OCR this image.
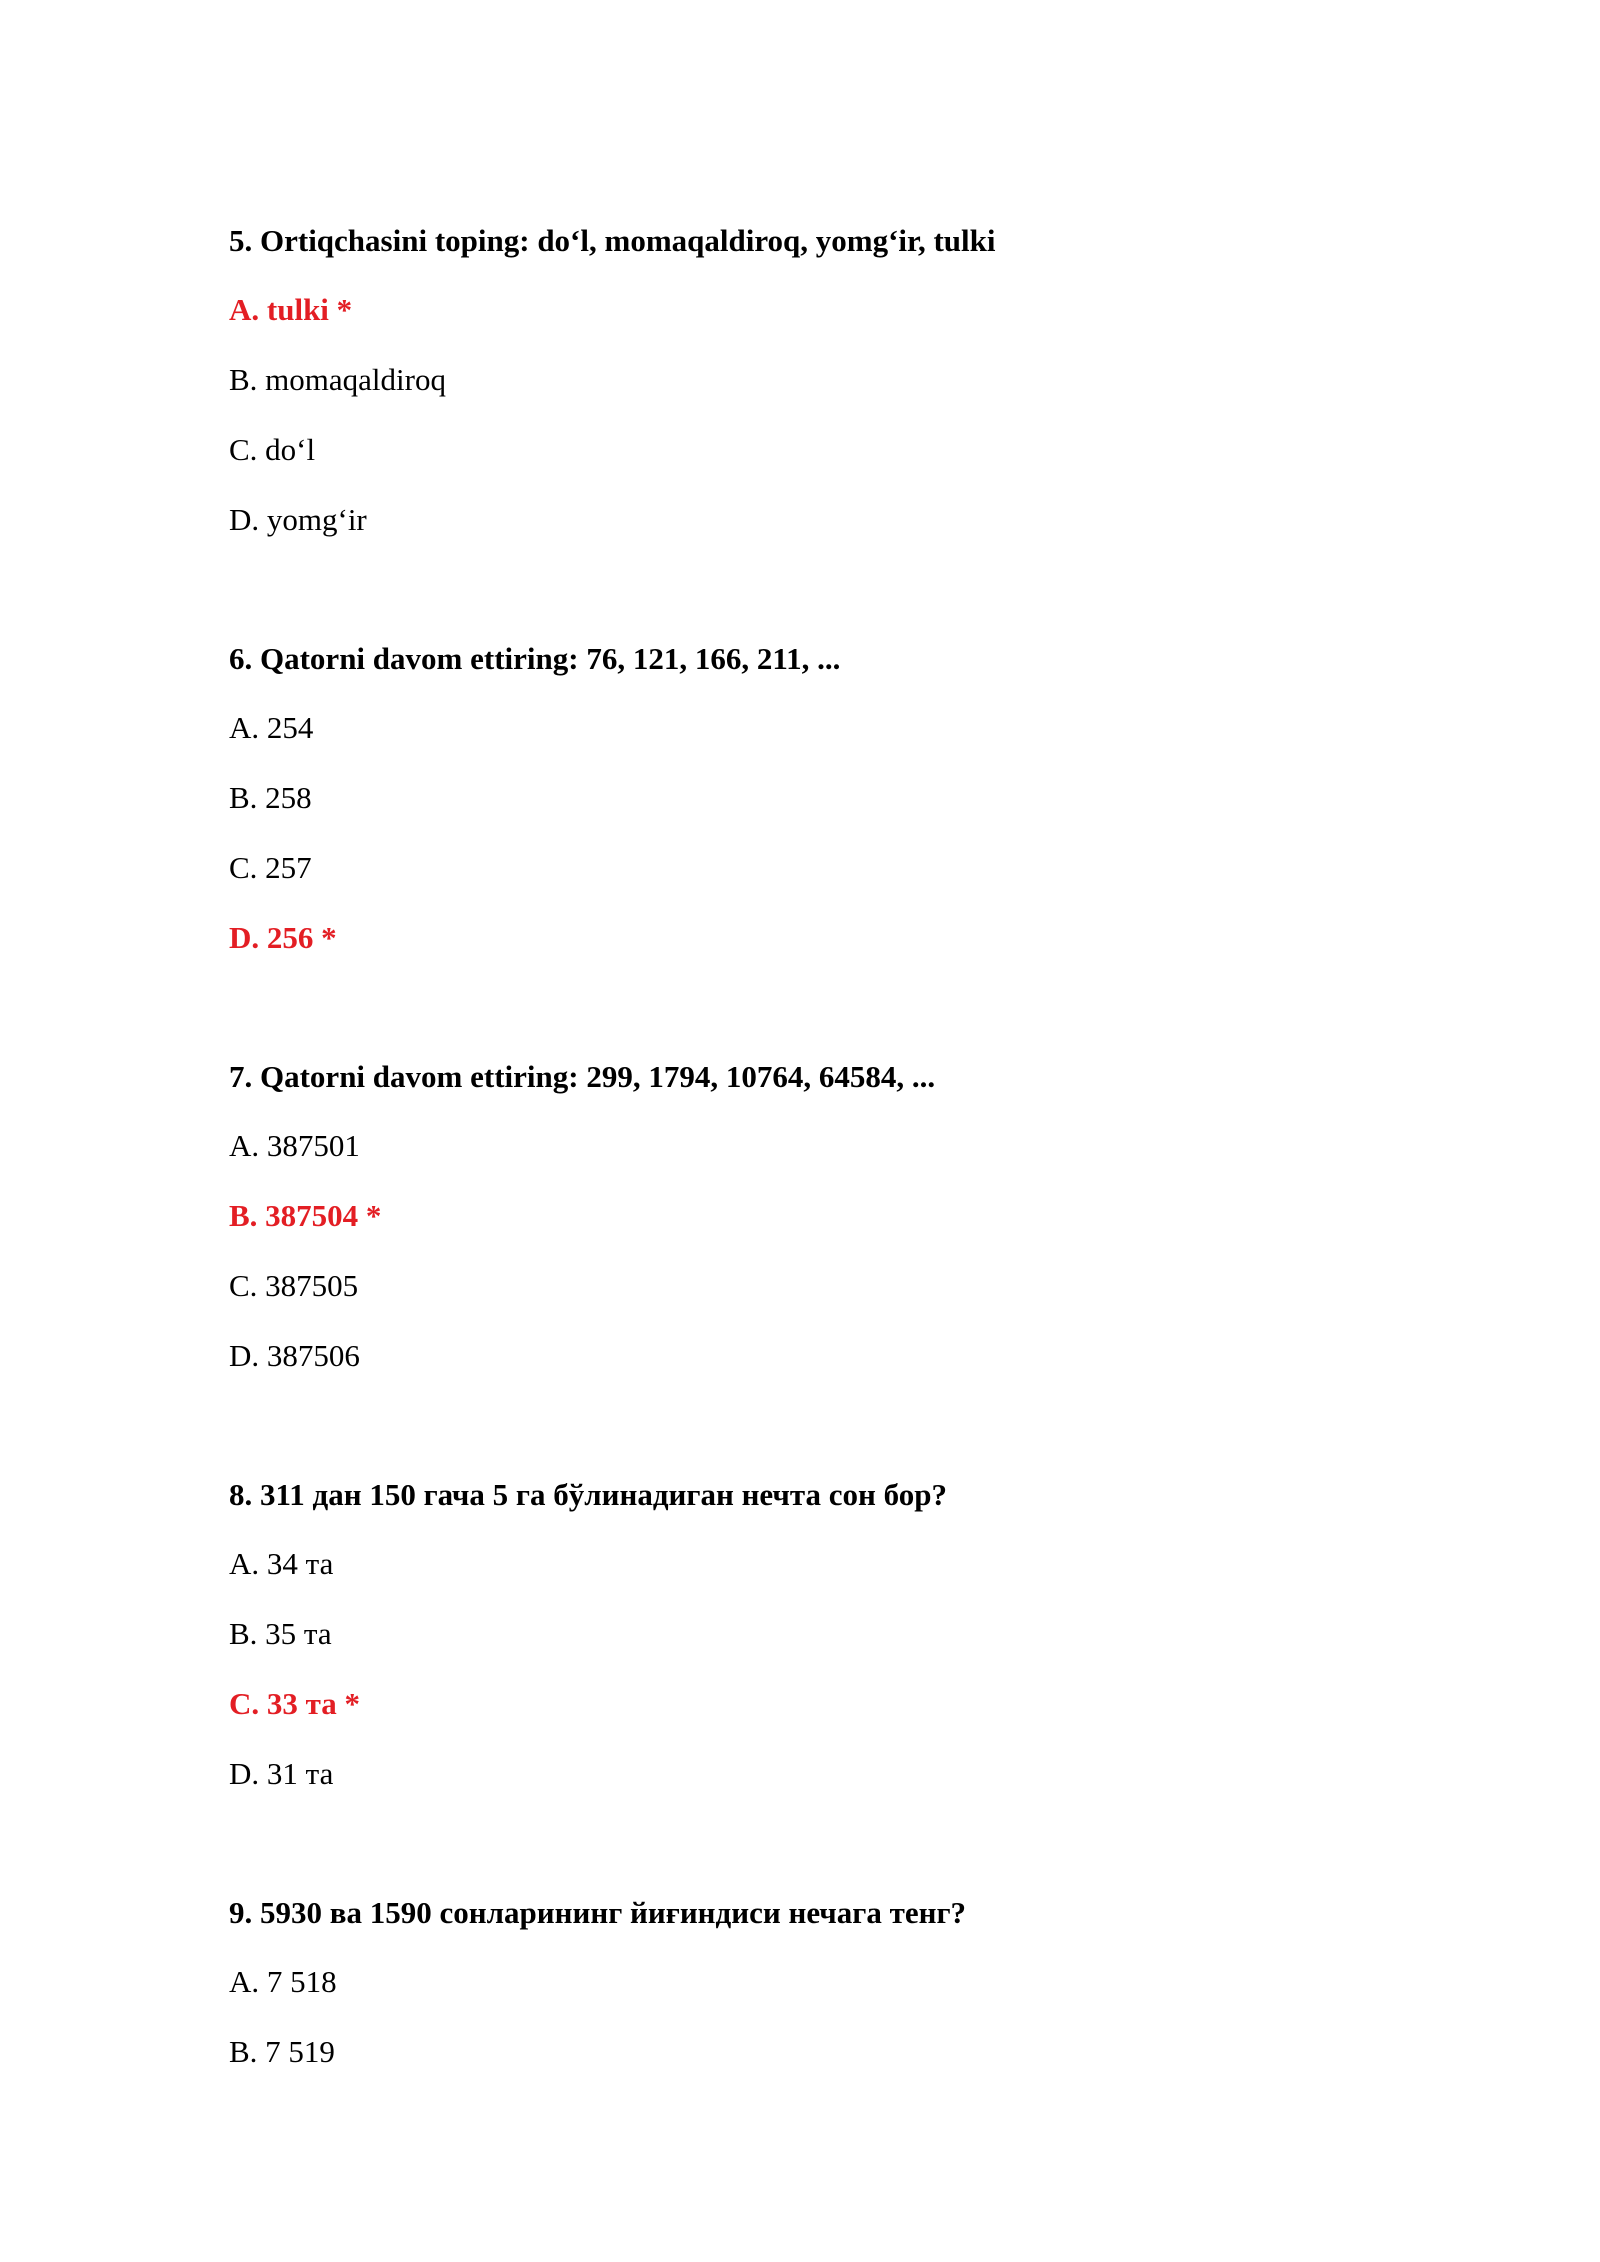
5. Ortiqchasini toping: do‘l, momaqaldiroq, yomg‘ir, tulki
A. tulki *
B. momaqaldiroq
C. do‘l
D. yomg‘ir
6. Qatorni davom ettiring: 76, 121, 166, 211, ...
A. 254
B. 258
C. 257
D. 256 *
7. Qatorni davom ettiring: 299, 1794, 10764, 64584, ...
A. 387501
B. 387504 *
C. 387505
D. 387506
8. 311 дан 150 гача 5 га бўлинадиган нечта сон бор?
A. 34 та
B. 35 та
C. 33 та *
D. 31 та
9. 5930 ва 1590 сонларининг йиғиндиси нечага тенг?
A. 7 518
B. 7 519
